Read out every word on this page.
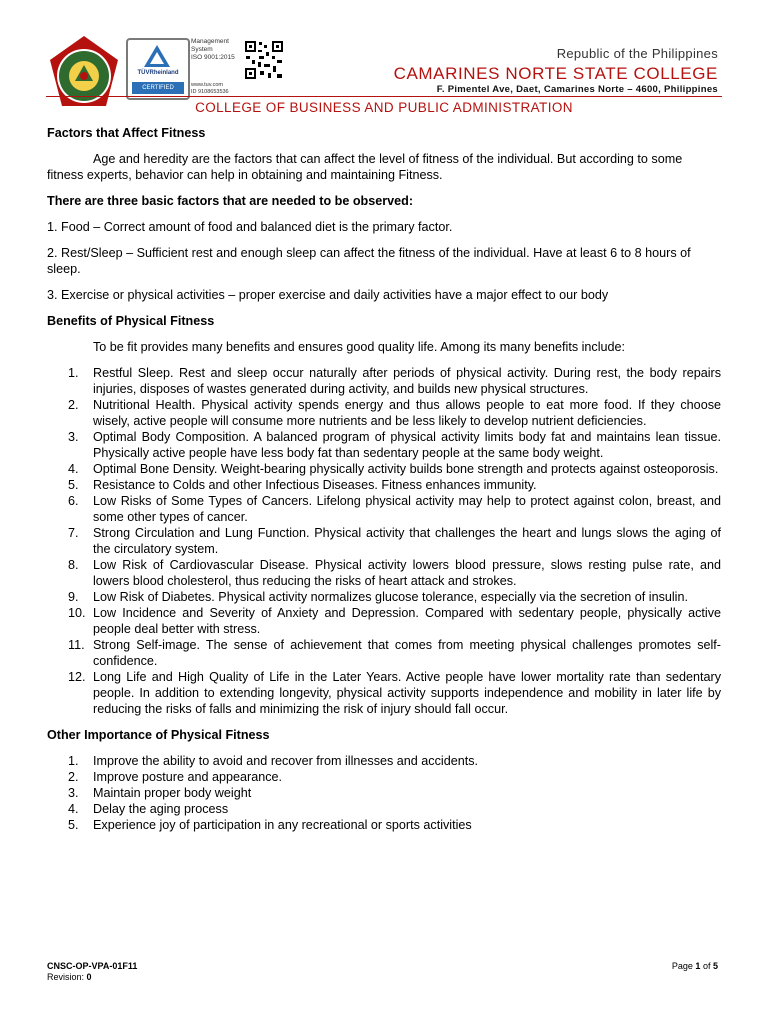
TÜVRheinland
CERTIFIED
Management
System
ISO 9001:2015
www.tuv.com
ID 9108653536
Republic of the Philippines
CAMARINES NORTE STATE COLLEGE
F. Pimentel Ave, Daet, Camarines Norte – 4600, Philippines
COLLEGE OF BUSINESS AND PUBLIC ADMINISTRATION
Factors that Affect Fitness
Age and heredity are the factors that can affect the level of fitness of the individual. But according to some fitness experts, behavior can help in obtaining and maintaining Fitness.
There are three basic factors that are needed to be observed:
1. Food – Correct amount of food and balanced diet is the primary factor.
2. Rest/Sleep – Sufficient rest and enough sleep can affect the fitness of the individual. Have at least 6 to 8 hours of sleep.
3. Exercise or physical activities – proper exercise and daily activities have a major effect to our body
Benefits of Physical Fitness
To be fit provides many benefits and ensures good quality life. Among its many benefits include:
1.	Restful Sleep. Rest and sleep occur naturally after periods of physical activity. During rest, the body repairs injuries, disposes of wastes generated during activity, and builds new physical structures.
2.	Nutritional Health. Physical activity spends energy and thus allows people to eat more food. If they choose wisely, active people will consume more nutrients and be less likely to develop nutrient deficiencies.
3.	Optimal Body Composition. A balanced program of physical activity limits body fat and maintains lean tissue. Physically active people have less body fat than sedentary people at the same body weight.
4.	Optimal Bone Density. Weight-bearing physically activity builds bone strength and protects against osteoporosis.
5.	Resistance to Colds and other Infectious Diseases. Fitness enhances immunity.
6.	Low Risks of Some Types of Cancers. Lifelong physical activity may help to protect against colon, breast, and some other types of cancer.
7.	Strong Circulation and Lung Function. Physical activity that challenges the heart and lungs slows the aging of the circulatory system.
8.	Low Risk of Cardiovascular Disease. Physical activity lowers blood pressure, slows resting pulse rate, and lowers blood cholesterol, thus reducing the risks of heart attack and strokes.
9.	Low Risk of Diabetes. Physical activity normalizes glucose tolerance, especially via the secretion of insulin.
10. Low Incidence and Severity of Anxiety and Depression. Compared with sedentary people, physically active people deal better with stress.
11. Strong Self-image. The sense of achievement that comes from meeting physical challenges promotes self-confidence.
12. Long Life and High Quality of Life in the Later Years. Active people have lower mortality rate than sedentary people. In addition to extending longevity, physical activity supports independence and mobility in later life by reducing the risks of falls and minimizing the risk of injury should fall occur.
Other Importance of Physical Fitness
1.	Improve the ability to avoid and recover from illnesses and accidents.
2.	Improve posture and appearance.
3.	Maintain proper body weight
4.	Delay the aging process
5.	Experience joy of participation in any recreational or sports activities
CNSC-OP-VPA-01F11
Revision: 0
Page 1 of 5
